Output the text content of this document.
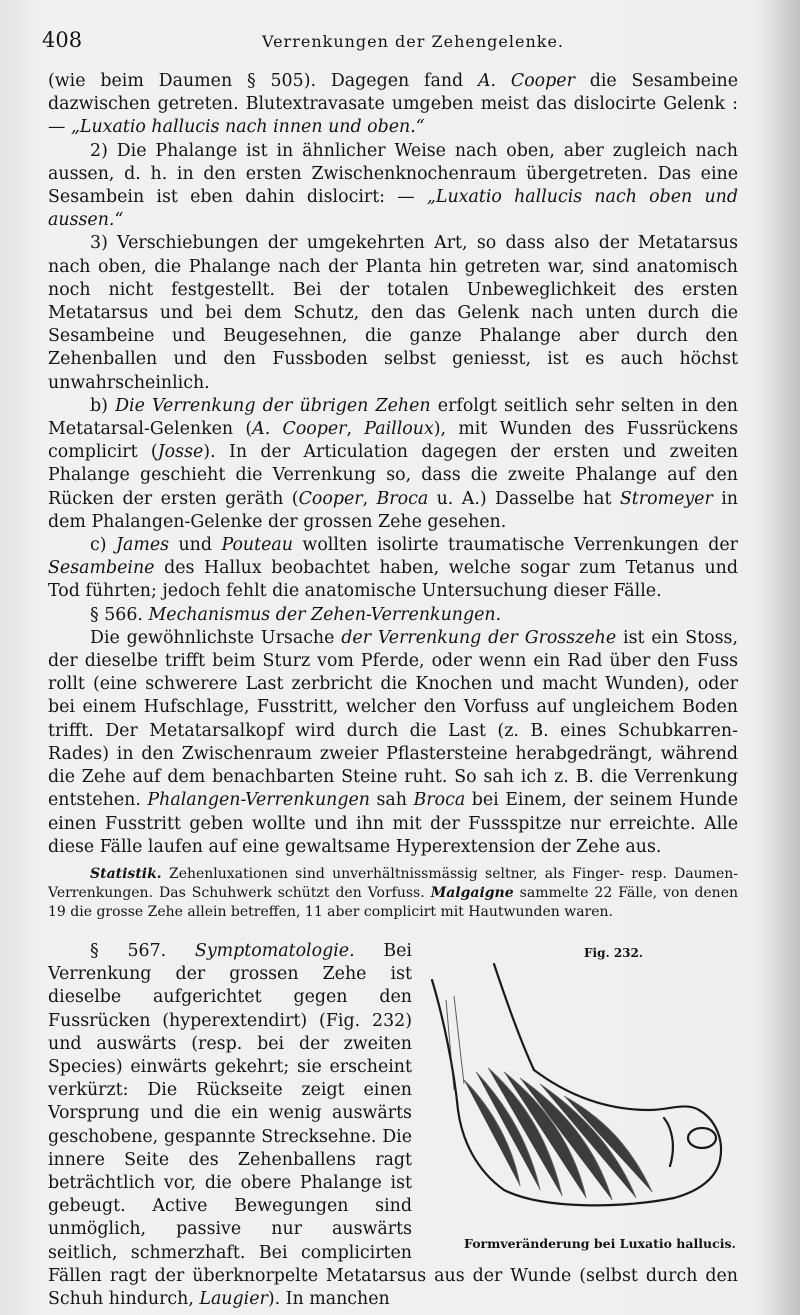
408	Verrenkungen der Zehengelenke.

(wie beim Daumen § 505). Dagegen fand A. Cooper die Sesambeine dazwischen getreten. Blutextravasate umgeben meist das dislocirte Gelenk : — „Luxatio hallucis nach innen und oben.“

2) Die Phalange ist in ähnlicher Weise nach oben, aber zugleich nach aussen, d. h. in den ersten Zwischenknochenraum übergetreten. Das eine Sesambein ist eben dahin dislocirt: — „Luxatio hallucis nach oben und aussen.“

3) Verschiebungen der umgekehrten Art, so dass also der Metatarsus nach oben, die Phalange nach der Planta hin getreten war, sind anatomisch noch nicht festgestellt. Bei der totalen Unbeweglichkeit des ersten Metatarsus und bei dem Schutz, den das Gelenk nach unten durch die Sesambeine und Beugesehnen, die ganze Phalange aber durch den Zehenballen und den Fussboden selbst geniesst, ist es auch höchst unwahrscheinlich.

b) Die Verrenkung der übrigen Zehen erfolgt seitlich sehr selten in den Metatarsal-Gelenken (A. Cooper, Pailloux), mit Wunden des Fussrückens complicirt (Josse). In der Articulation dagegen der ersten und zweiten Phalange geschieht die Verrenkung so, dass die zweite Phalange auf den Rücken der ersten geräth (Cooper, Broca u. A.) Dasselbe hat Stromeyer in dem Phalangen-Gelenke der grossen Zehe gesehen.

c) James und Pouteau wollten isolirte traumatische Verrenkungen der Sesambeine des Hallux beobachtet haben, welche sogar zum Tetanus und Tod führten; jedoch fehlt die anatomische Untersuchung dieser Fälle.

§ 566. Mechanismus der Zehen-Verrenkungen.

Die gewöhnlichste Ursache der Verrenkung der Grosszehe ist ein Stoss, der dieselbe trifft beim Sturz vom Pferde, oder wenn ein Rad über den Fuss rollt (eine schwerere Last zerbricht die Knochen und macht Wunden), oder bei einem Hufschlage, Fusstritt, welcher den Vorfuss auf ungleichem Boden trifft. Der Metatarsalkopf wird durch die Last (z. B. eines Schubkarren-Rades) in den Zwischenraum zweier Pflastersteine herabgedrängt, während die Zehe auf dem benachbarten Steine ruht. So sah ich z. B. die Verrenkung entstehen. Phalangen-Verrenkungen sah Broca bei Einem, der seinem Hunde einen Fusstritt geben wollte und ihn mit der Fussspitze nur erreichte. Alle diese Fälle laufen auf eine gewaltsame Hyperextension der Zehe aus.

Statistik. Zehenluxationen sind unverhältnissmässig seltner, als Finger- resp. Daumen-Verrenkungen. Das Schuhwerk schützt den Vorfuss. Malgaigne sammelte 22 Fälle, von denen 19 die grosse Zehe allein betreffen, 11 aber complicirt mit Hautwunden waren.

Fig. 232.
Formveränderung bei Luxatio hallucis.
§ 567. Symptomatologie. Bei Verrenkung der grossen Zehe ist dieselbe aufgerichtet gegen den Fussrücken (hyperextendirt) (Fig. 232) und auswärts (resp. bei der zweiten Species) einwärts gekehrt; sie erscheint verkürzt: Die Rückseite zeigt einen Vorsprung und die ein wenig auswärts geschobene, gespannte Strecksehne. Die innere Seite des Zehenballens ragt beträchtlich vor, die obere Phalange ist gebeugt. Active Bewegungen sind unmöglich, passive nur auswärts seitlich, schmerzhaft. Bei complicirten Fällen ragt der überknorpelte Metatarsus aus der Wunde (selbst durch den Schuh hindurch, Laugier). In manchen
